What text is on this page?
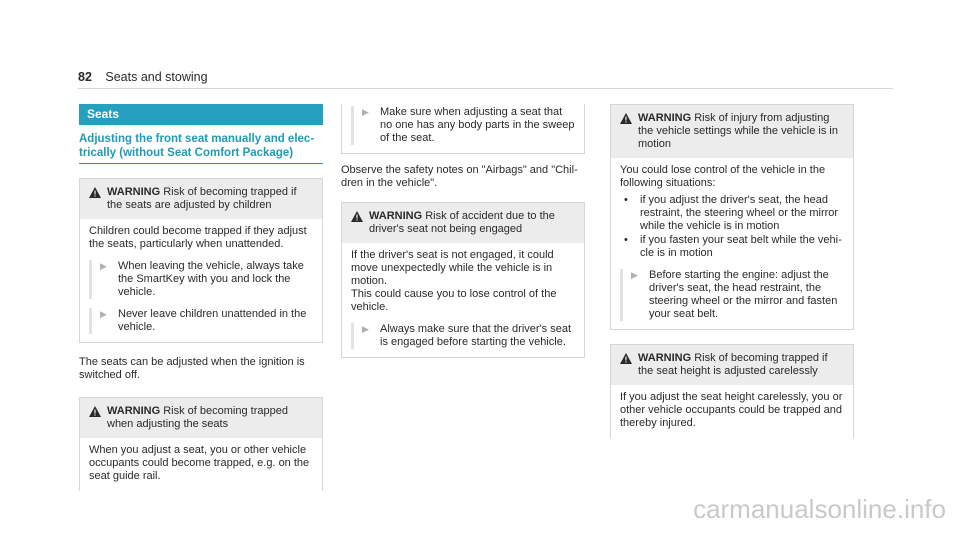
82 Seats and stowing
Seats
Adjusting the front seat manually and elec- trically (without Seat Comfort Package)
WARNING Risk of becoming trapped if the seats are adjusted by children

Children could become trapped if they adjust the seats, particularly when unattended.

▶ When leaving the vehicle, always take the SmartKey with you and lock the vehicle.
▶ Never leave children unattended in the vehicle.

The seats can be adjusted when the ignition is switched off.

WARNING Risk of becoming trapped when adjusting the seats

When you adjust a seat, you or other vehicle occupants could become trapped, e.g. on the seat guide rail.

▶ Make sure when adjusting a seat that no one has any body parts in the sweep of the seat.

Observe the safety notes on "Airbags" and "Chil- dren in the vehicle".

WARNING Risk of accident due to the driver's seat not being engaged

If the driver's seat is not engaged, it could move unexpectedly while the vehicle is in motion.

This could cause you to lose control of the vehicle.

▶ Always make sure that the driver's seat is engaged before starting the vehicle.
WARNING Risk of injury from adjusting the vehicle settings while the vehicle is in motion

You could lose control of the vehicle in the following situations:

•	if you adjust the driver's seat, the head restraint, the steering wheel or the mirror while the vehicle is in motion
•	if you fasten your seat belt while the vehi- cle is in motion
▶ Before starting the engine: adjust the driver's seat, the head restraint, the steering wheel or the mirror and fasten your seat belt.
WARNING Risk of becoming trapped if the seat height is adjusted carelessly

If you adjust the seat height carelessly, you or other vehicle occupants could be trapped and thereby injured.

carmanualsonline.info
